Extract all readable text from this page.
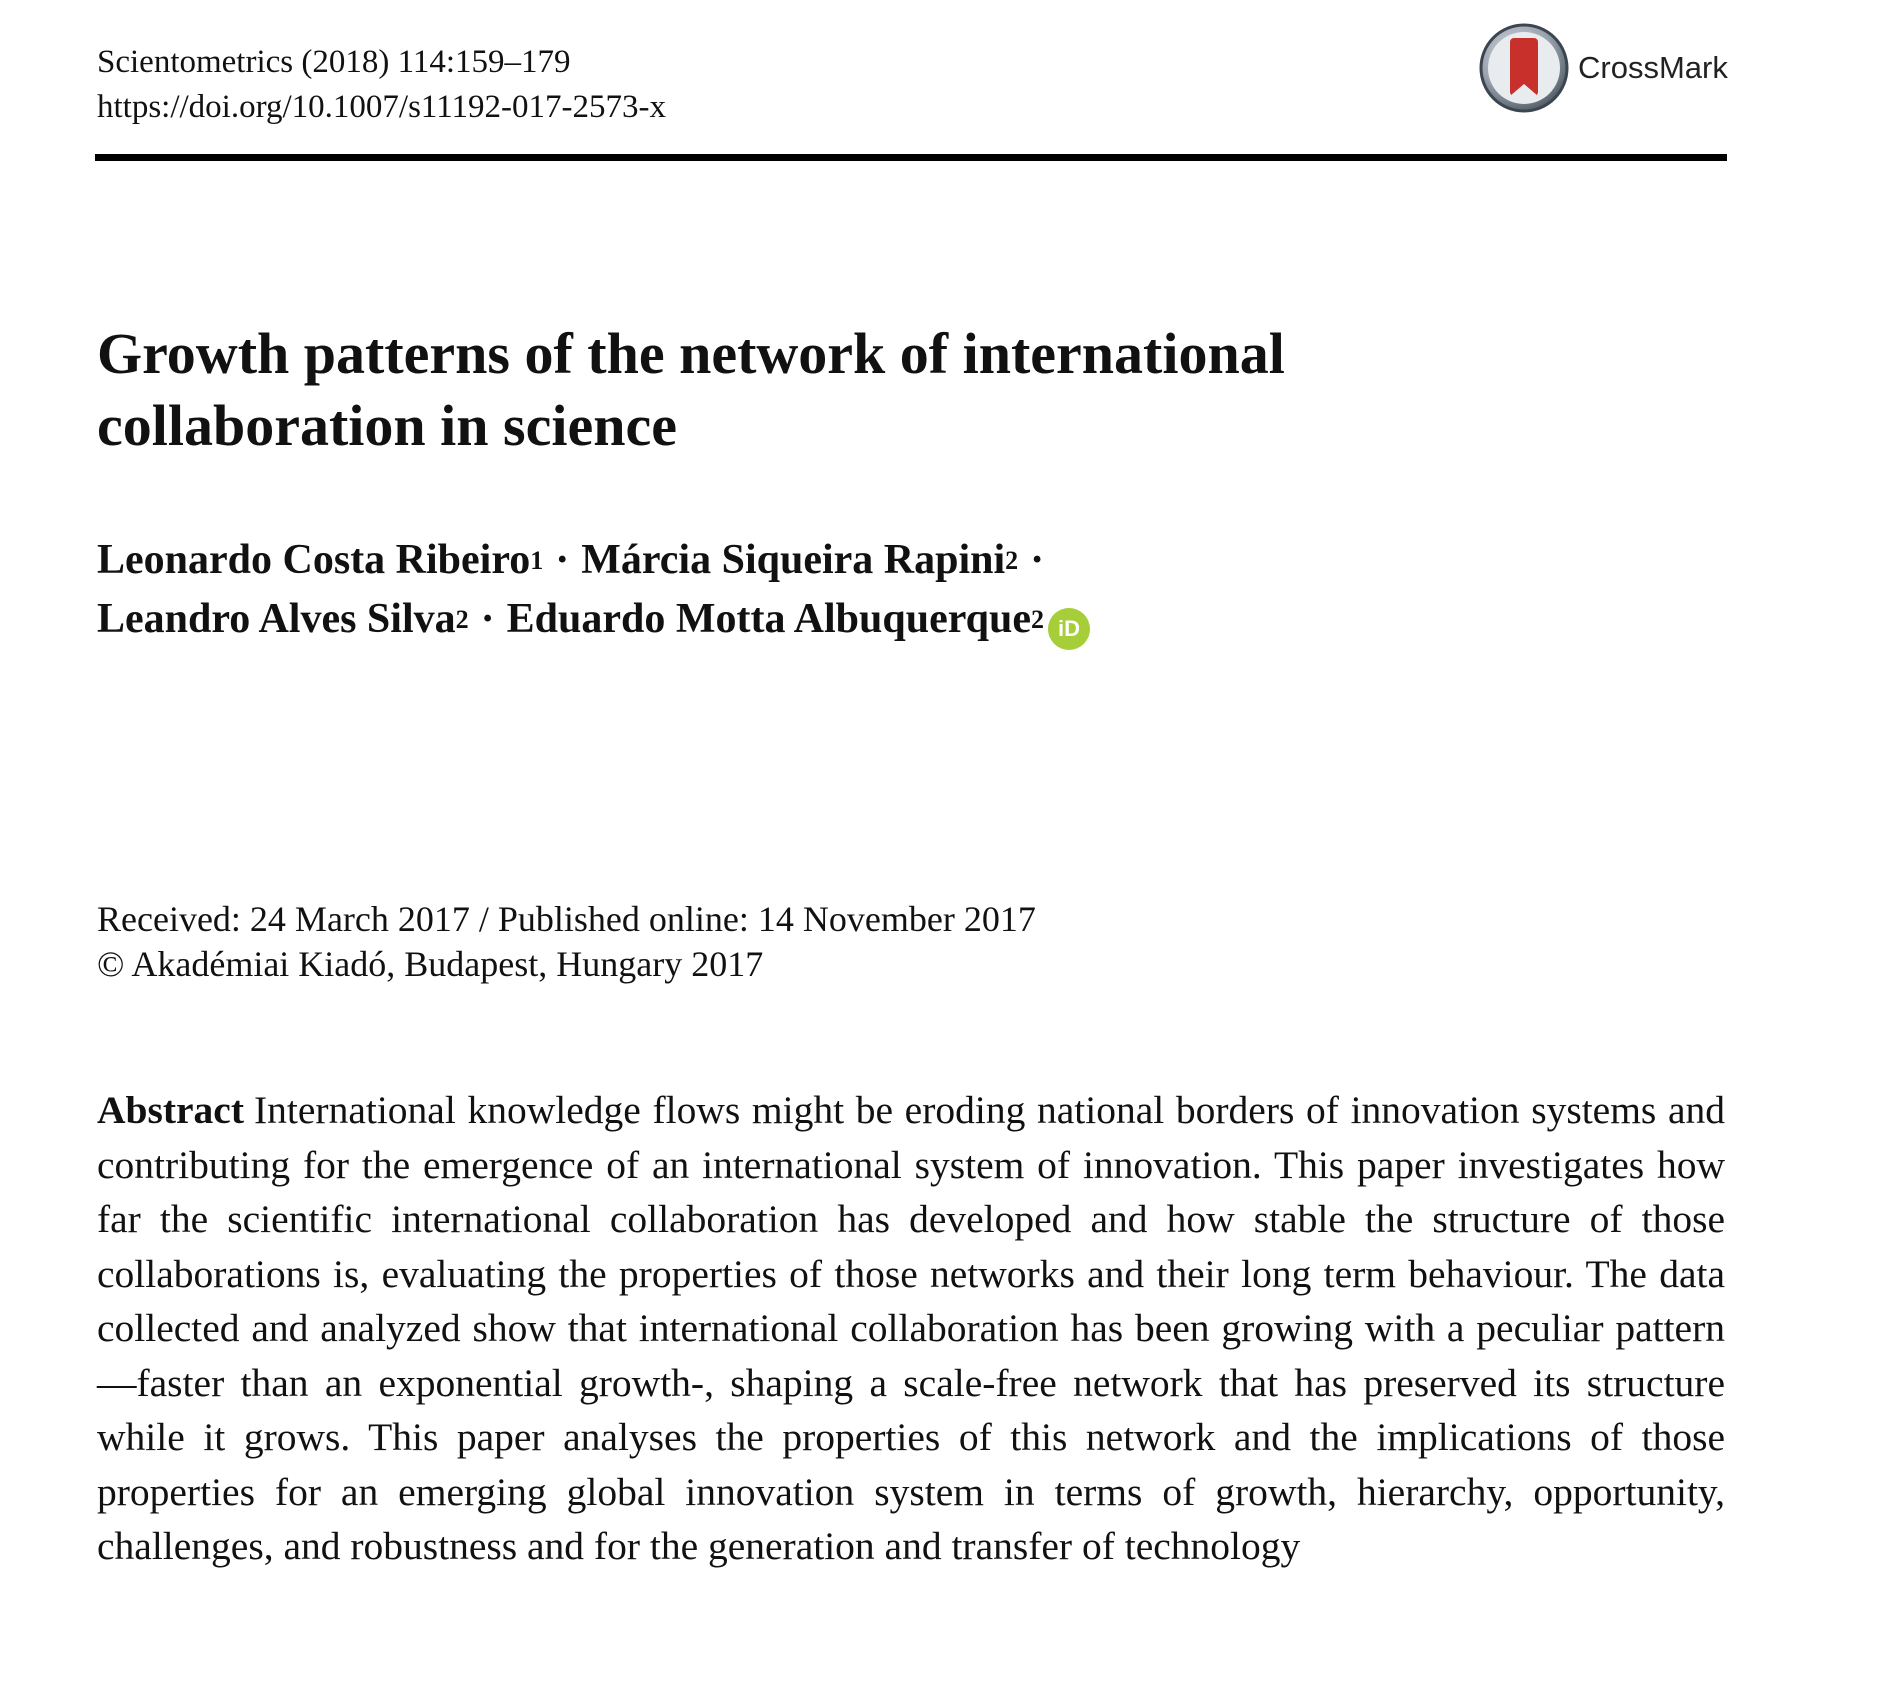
Scientometrics (2018) 114:159–179
https://doi.org/10.1007/s11192-017-2573-x
CrossMark
Growth patterns of the network of international collaboration in science
Leonardo Costa Ribeiro$^1$ · Márcia Siqueira Rapini$^2$ ·
Leandro Alves Silva$^2$ · Eduardo Motta Albuquerque$^2$ iD
Received: 24 March 2017 / Published online: 14 November 2017
© Akadémiai Kiadó, Budapest, Hungary 2017

Abstract International knowledge flows might be eroding national borders of innovation systems and contributing for the emergence of an international system of innovation. This paper investigates how far the scientific international collaboration has developed and how stable the structure of those collaborations is, evaluating the properties of those networks and their long term behaviour. The data collected and analyzed show that international collaboration has been growing with a peculiar pattern—faster than an exponential growth-, shaping a scale-free network that has preserved its structure while it grows. This paper analyses the properties of this network and the implications of those properties for an emerging global innovation system in terms of growth, hierarchy, opportunity, challenges, and robustness and for the generation and transfer of technology
